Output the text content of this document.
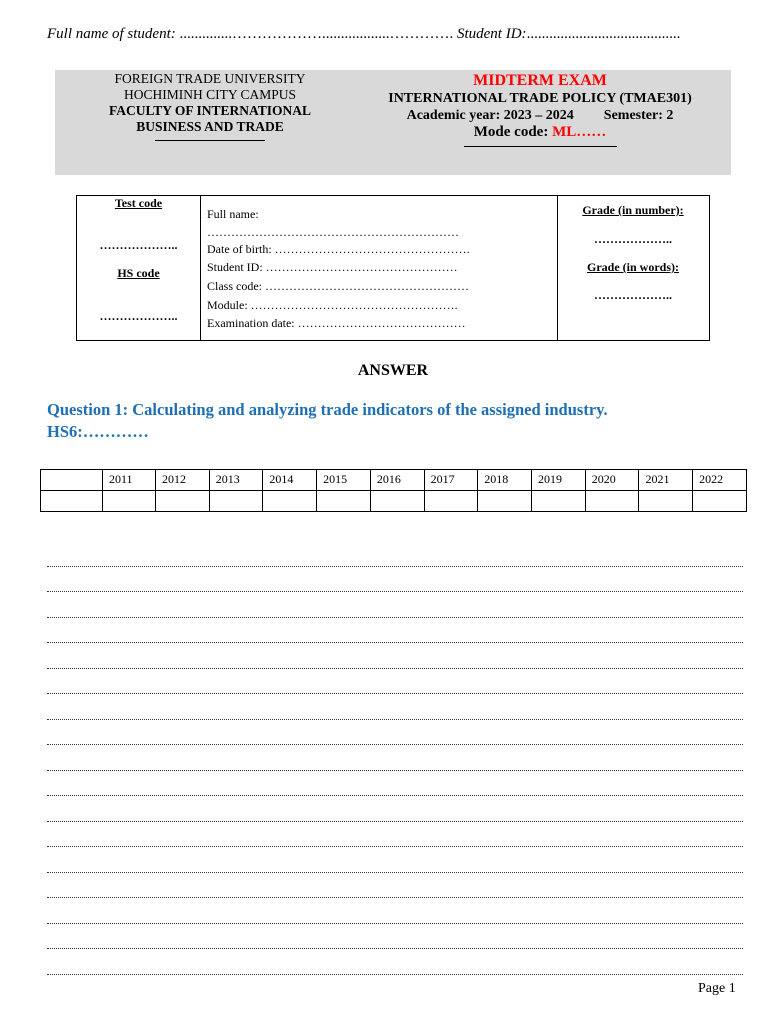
Full name of student: ..............………………..................…………. Student ID:.........................................
FOREIGN TRADE UNIVERSITY
HOCHIMINH CITY CAMPUS
FACULTY OF INTERNATIONAL
BUSINESS AND TRADE
MIDTERM EXAM
INTERNATIONAL TRADE POLICY (TMAE301)
Academic year: 2023 – 2024 Semester: 2
Mode code: ML……
Test code
………………..
HS code
………………..
Full name:
………………………………………………………
Date of birth: ………………………………………….
Student ID: …………………………………………
Class code: ……………………………………………
Module: …………………………………………….
Examination date: ……………………………………
Grade (in number):
………………..
Grade (in words):
………………..
ANSWER
Question 1: Calculating and analyzing trade indicators of the assigned industry.
HS6:…………
	2011	2012	2013	2014	2015	2016	2017	2018	2019	2020	2021	2022

Page 1
